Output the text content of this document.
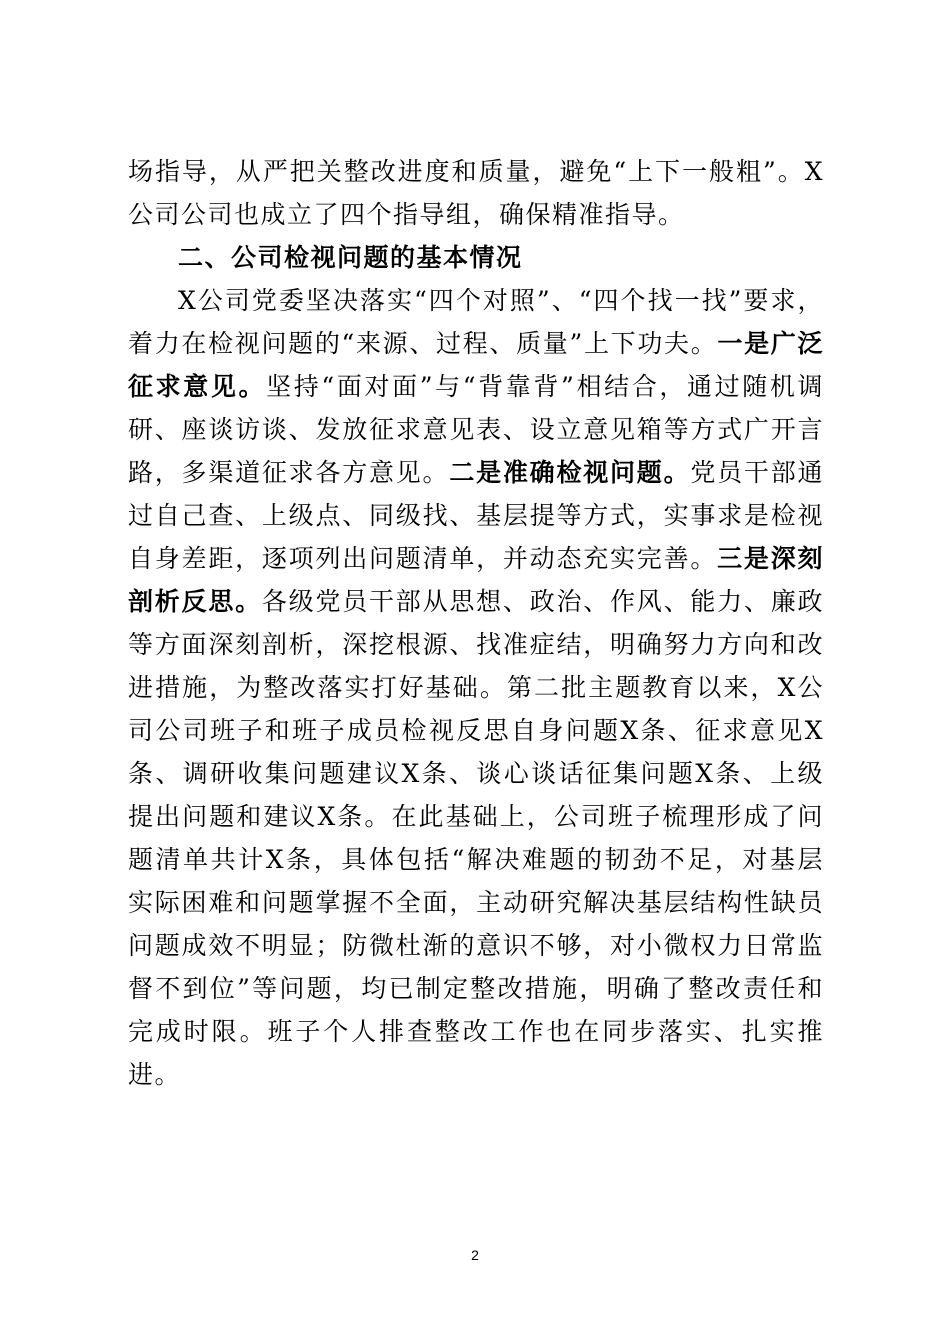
场指导，从严把关整改进度和质量，避免“上下一般粗”。X公司公司也成立了四个指导组，确保精准指导。

二、公司检视问题的基本情况

X公司党委坚决落实“四个对照”、“四个找一找”要求，着力在检视问题的“来源、过程、质量”上下功夫。一是广泛征求意见。坚持“面对面”与“背靠背”相结合，通过随机调研、座谈访谈、发放征求意见表、设立意见箱等方式广开言路，多渠道征求各方意见。二是准确检视问题。党员干部通过自己查、上级点、同级找、基层提等方式，实事求是检视自身差距，逐项列出问题清单，并动态充实完善。三是深刻剖析反思。各级党员干部从思想、政治、作风、能力、廉政等方面深刻剖析，深挖根源、找准症结，明确努力方向和改进措施，为整改落实打好基础。第二批主题教育以来，X公司公司班子和班子成员检视反思自身问题X条、征求意见X条、调研收集问题建议X条、谈心谈话征集问题X条、上级提出问题和建议X条。在此基础上，公司班子梳理形成了问题清单共计X条，具体包括“解决难题的韧劲不足，对基层实际困难和问题掌握不全面，主动研究解决基层结构性缺员问题成效不明显；防微杜渐的意识不够，对小微权力日常监督不到位”等问题，均已制定整改措施，明确了整改责任和完成时限。班子个人排查整改工作也在同步落实、扎实推进。

2
